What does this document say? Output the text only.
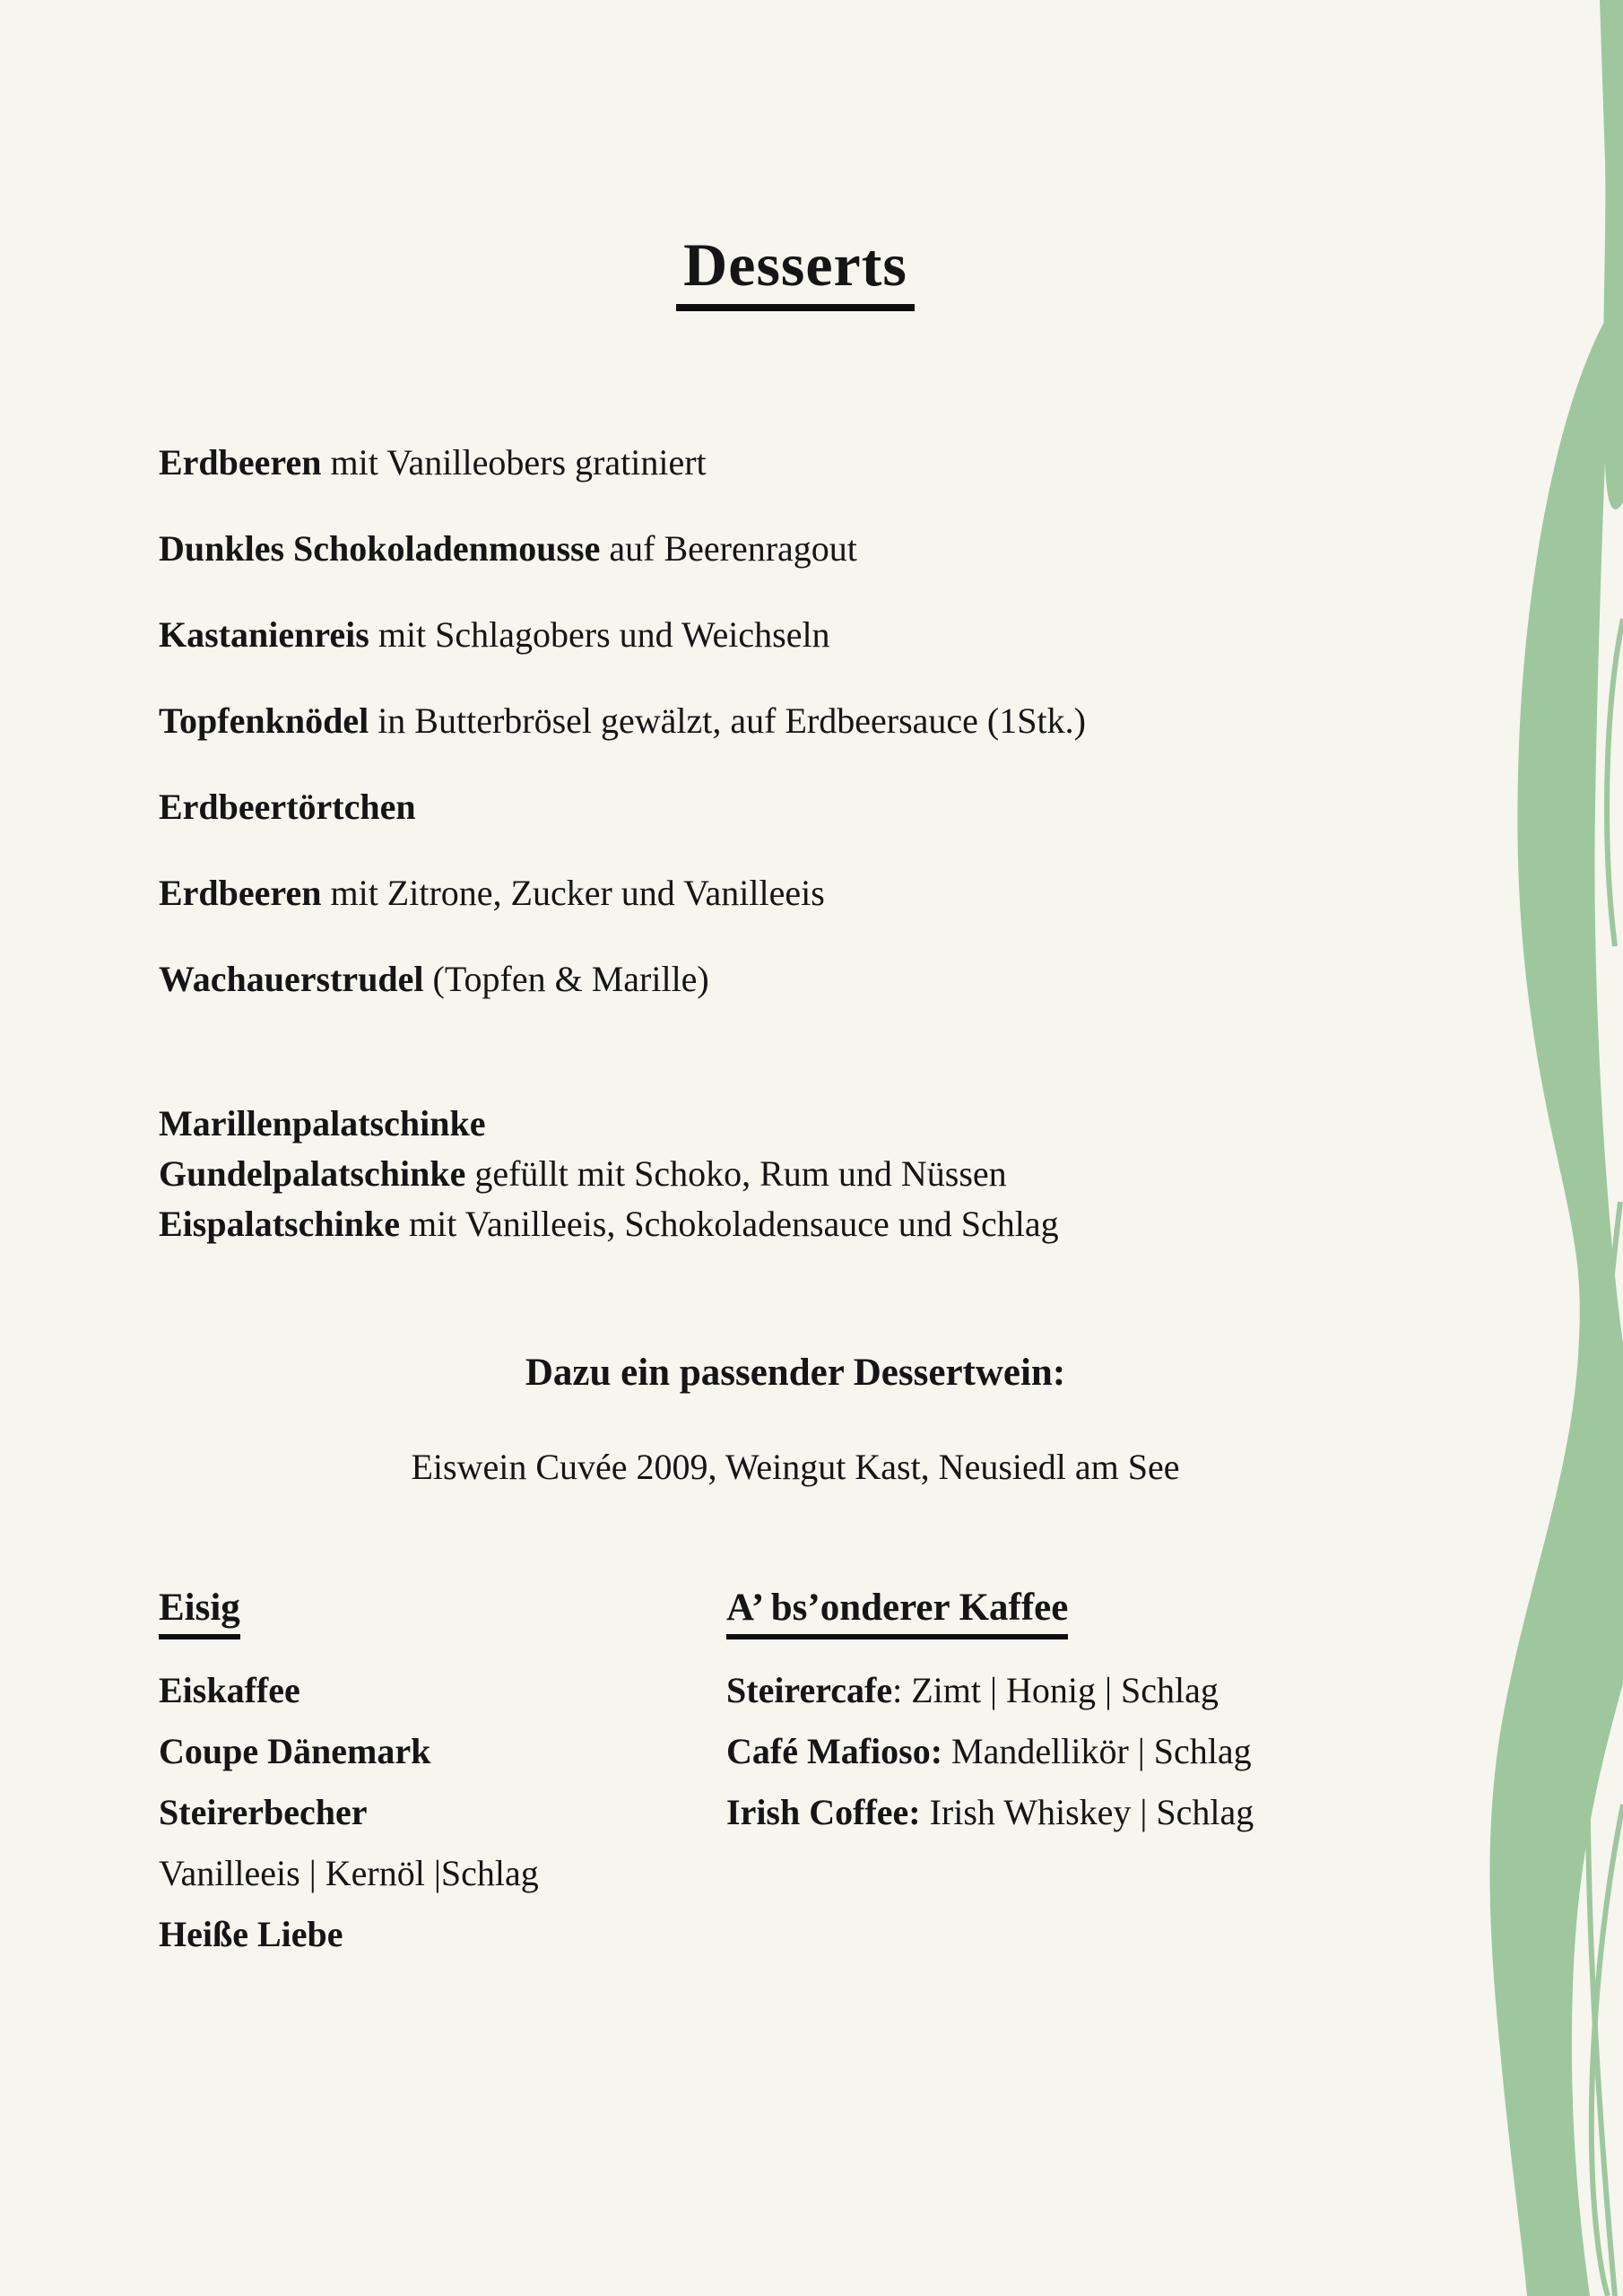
Desserts
Erdbeeren mit Vanilleobers gratiniert
Dunkles Schokoladenmousse auf Beerenragout
Kastanienreis mit Schlagobers und Weichseln
Topfenknödel in Butterbrösel gewälzt, auf Erdbeersauce (1Stk.)
Erdbeertörtchen
Erdbeeren mit Zitrone, Zucker und Vanilleeis
Wachauerstrudel (Topfen & Marille)
Marillenpalatschinke
Gundelpalatschinke gefüllt mit Schoko, Rum und Nüssen
Eispalatschinke mit Vanilleeis, Schokoladensauce und Schlag
Dazu ein passender Dessertwein:
Eiswein Cuvée 2009, Weingut Kast, Neusiedl am See
Eisig
Eiskaffee
Coupe Dänemark
Steirerbecher
Vanilleeis | Kernöl |Schlag
Heiße Liebe
A’ bs’onderer Kaffee
Steirercafe: Zimt | Honig | Schlag
Café Mafioso: Mandellikör | Schlag
Irish Coffee: Irish Whiskey | Schlag
